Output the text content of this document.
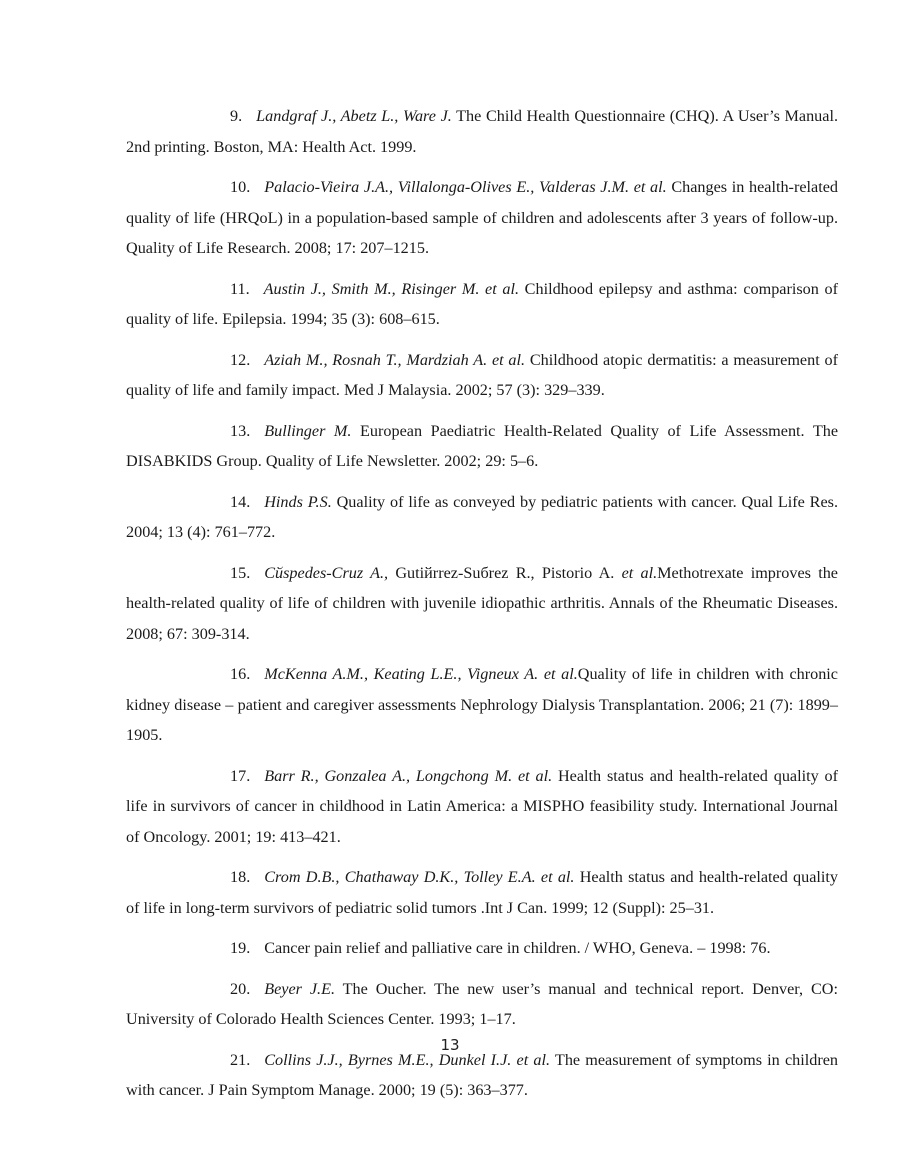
9. Landgraf J., Abetz L., Ware J. The Child Health Questionnaire (CHQ). A User’s Manual. 2nd printing. Boston, MA: Health Act. 1999.

10. Palacio-Vieira J.A., Villalonga-Olives E., Valderas J.M. et al. Changes in health-related quality of life (HRQoL) in a population-based sample of children and adolescents after 3 years of follow-up. Quality of Life Research. 2008; 17: 207–1215.

11. Austin J., Smith M., Risinger M. et al. Childhood epilepsy and asthma: comparison of quality of life. Epilepsia. 1994; 35 (3): 608–615.

12. Aziah M., Rosnah T., Mardziah A. et al. Childhood atopic dermatitis: a measurement of quality of life and family impact. Med J Malaysia. 2002; 57 (3): 329–339.

13. Bullinger M. European Paediatric Health-Related Quality of Life Assessment. The DISABKIDS Group. Quality of Life Newsletter. 2002; 29: 5–6.

14. Hinds P.S. Quality of life as conveyed by pediatric patients with cancer. Qual Life Res. 2004; 13 (4): 761–772.

15. Cйspedes-Cruz A., Gutiйrrez-Suбrez R., Pistorio A. et al.Methotrexate improves the health-related quality of life of children with juvenile idiopathic arthritis. Annals of the Rheumatic Diseases. 2008; 67: 309-314.

16. McKenna A.M., Keating L.E., Vigneux A. et al.Quality of life in children with chronic kidney disease – patient and caregiver assessments Nephrology Dialysis Transplantation. 2006; 21 (7): 1899–1905.

17. Barr R., Gonzalea A., Longchong M. et al. Health status and health-related quality of life in survivors of cancer in childhood in Latin America: a MISPHO feasibility study. International Journal of Oncology. 2001; 19: 413–421.

18. Crom D.B., Chathaway D.K., Tolley E.A. et al. Health status and health-related quality of life in long-term survivors of pediatric solid tumors .Int J Can. 1999; 12 (Suppl): 25–31.

19. Cancer pain relief and palliative care in children. / WHO, Geneva. – 1998: 76.

20. Beyer J.E. The Oucher. The new user’s manual and technical report. Denver, CO: University of Colorado Health Sciences Center. 1993; 1–17.

21. Collins J.J., Byrnes M.E., Dunkel I.J. et al. The measurement of symptoms in children with cancer. J Pain Symptom Manage. 2000; 19 (5): 363–377.

13
